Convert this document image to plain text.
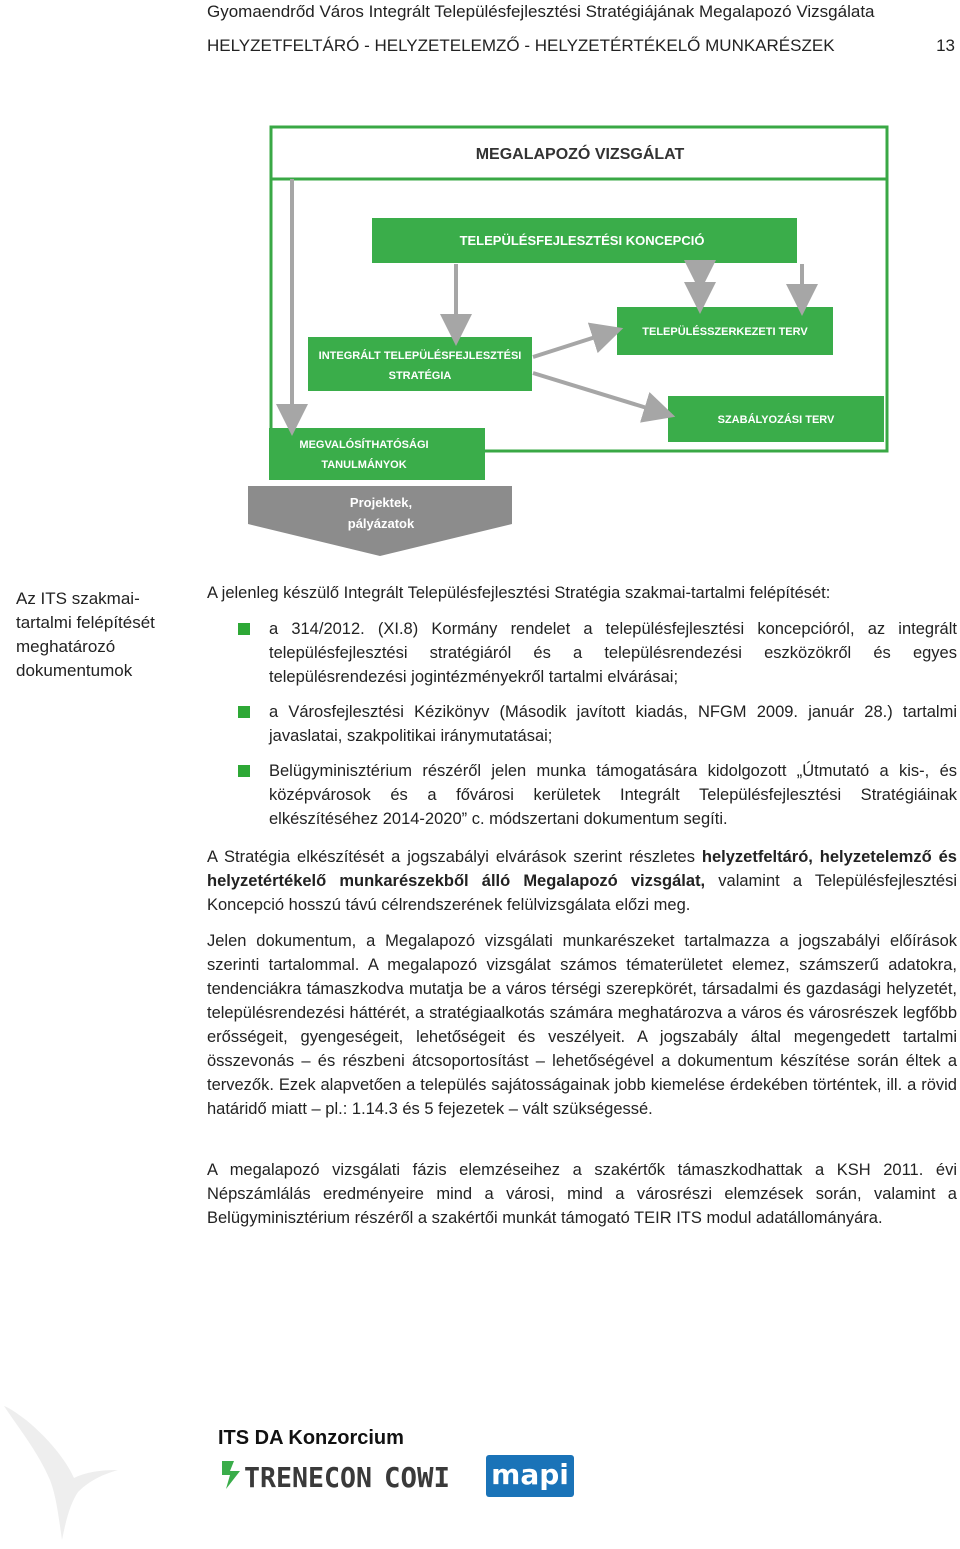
Gyomaendrőd Város Integrált Településfejlesztési Stratégiájának Megalapozó Vizsgálata
HELYZETFELTÁRÓ - HELYZETELEMZŐ - HELYZETÉRTÉKELŐ MUNKARÉSZEK	13
MEGALAPOZÓ VIZSGÁLAT
TELEPÜLÉSFEJLESZTÉSI KONCEPCIÓ
INTEGRÁLT TELEPÜLÉSFEJLESZTÉSI
STRATÉGIA
TELEPÜLÉSSZERKEZETI TERV
SZABÁLYOZÁSI TERV
MEGVALÓSÍTHATÓSÁGI
TANULMÁNYOK
Projektek,
pályázatok
Az ITS szakmai-tartalmi felépítését meghatározó dokumentumok
A jelenleg készülő Integrált Településfejlesztési Stratégia szakmai-tartalmi felépítését:
a 314/2012. (XI.8) Kormány rendelet a településfejlesztési koncepcióról, az integrált településfejlesztési stratégiáról és a településrendezési eszközökről és egyes településrendezési jogintézményekről tartalmi elvárásai;
a Városfejlesztési Kézikönyv (Második javított kiadás, NFGM 2009. január 28.) tartalmi javaslatai, szakpolitikai iránymutatásai;
Belügyminisztérium részéről jelen munka támogatására kidolgozott „Útmutató a kis-, és középvárosok és a fővárosi kerületek Integrált Településfejlesztési Stratégiáinak elkészítéséhez 2014-2020” c. módszertani dokumentum segíti.
A Stratégia elkészítését a jogszabályi elvárások szerint részletes helyzetfeltáró, helyzetelemző és helyzetértékelő munkarészekből álló Megalapozó vizsgálat, valamint a Településfejlesztési Koncepció hosszú távú célrendszerének felülvizsgálata előzi meg.
Jelen dokumentum, a Megalapozó vizsgálati munkarészeket tartalmazza a jogszabályi előírások szerinti tartalommal. A megalapozó vizsgálat számos tématerületet elemez, számszerű adatokra, tendenciákra támaszkodva mutatja be a város térségi szerepkörét, társadalmi és gazdasági helyzetét, településrendezési háttérét, a stratégiaalkotás számára meghatározva a város és városrészek legfőbb erősségeit, gyengeségeit, lehetőségeit és veszélyeit. A jogszabály által megengedett tartalmi összevonás – és részbeni átcsoportosítást – lehetőségével a dokumentum készítése során éltek a tervezők. Ezek alapvetően a település sajátosságainak jobb kiemelése érdekében történtek, ill. a rövid határidő miatt – pl.: 1.14.3 és 5 fejezetek – vált szükségessé.
A megalapozó vizsgálati fázis elemzéseihez a szakértők támaszkodhattak a KSH 2011. évi Népszámlálás eredményeire mind a városi, mind a városrészi elemzések során, valamint a Belügyminisztérium részéről a szakértői munkát támogató TEIR ITS modul adatállományára.
ITS DA Konzorcium
TRENECON COWI mapi
